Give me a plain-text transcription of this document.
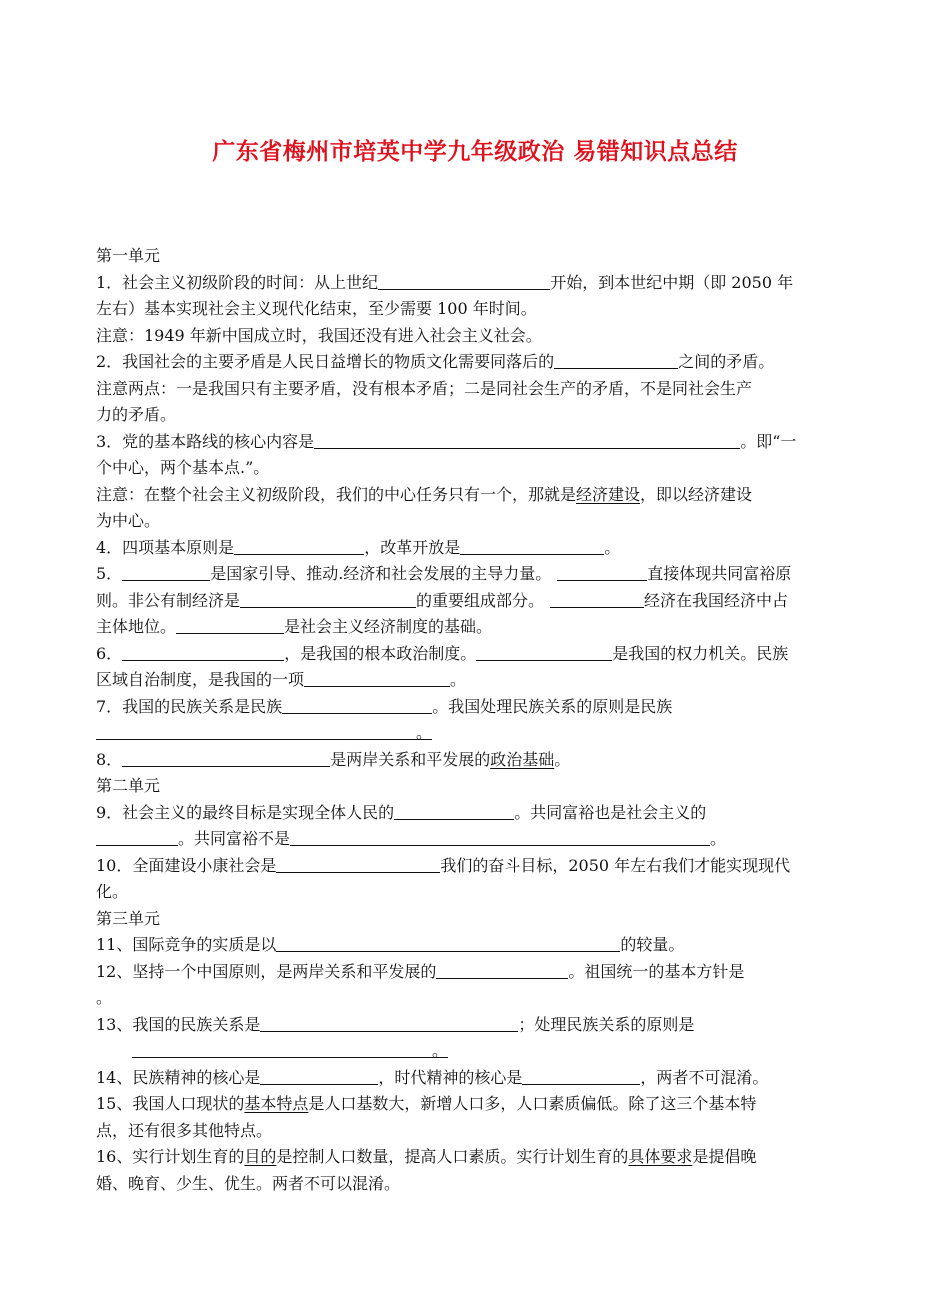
广东省梅州市培英中学九年级政治 易错知识点总结
第一单元
1．社会主义初级阶段的时间：从上世纪	开始，到本世纪中期（即 2050 年
左右）基本实现社会主义现代化结束，至少需要 100 年时间。
注意：1949 年新中国成立时，我国还没有进入社会主义社会。
2．我国社会的主要矛盾是人民日益增长的物质文化需要同落后的	之间的矛盾。
注意两点：一是我国只有主要矛盾，没有根本矛盾；二是同社会生产的矛盾，不是同社会生产
力的矛盾。
3．党的基本路线的核心内容是	。即“一
个中心，两个基本点.”。
注意：在整个社会主义初级阶段，我们的中心任务只有一个，那就是经济建设，即以经济建设
为中心。
4．四项基本原则是	，改革开放是	。
5．	是国家引导、推动.经济和社会发展的主导力量。	直接体现共同富裕原
则。非公有制经济是	的重要组成部分。	经济在我国经济中占
主体地位。	是社会主义经济制度的基础。
6．	，是我国的根本政治制度。	是我国的权力机关。民族
区域自治制度，是我国的一项	。
7．我国的民族关系是民族	。我国处理民族关系的原则是民族
。
8．	是两岸关系和平发展的政治基础。
第二单元
9．社会主义的最终目标是实现全体人民的	。共同富裕也是社会主义的
。共同富裕不是	。
10．全面建设小康社会是	我们的奋斗目标，2050 年左右我们才能实现现代
化。
第三单元
11、国际竞争的实质是以	的较量。
12、坚持一个中国原则，是两岸关系和平发展的	。祖国统一的基本方针是
。
13、我国的民族关系是	；处理民族关系的原则是
。
14、民族精神的核心是	，时代精神的核心是	，两者不可混淆。
15、我国人口现状的基本特点是人口基数大，新增人口多，人口素质偏低。除了这三个基本特
点，还有很多其他特点。
16、实行计划生育的目的是控制人口数量，提高人口素质。实行计划生育的具体要求是提倡晚
婚、晚育、少生、优生。两者不可以混淆。
